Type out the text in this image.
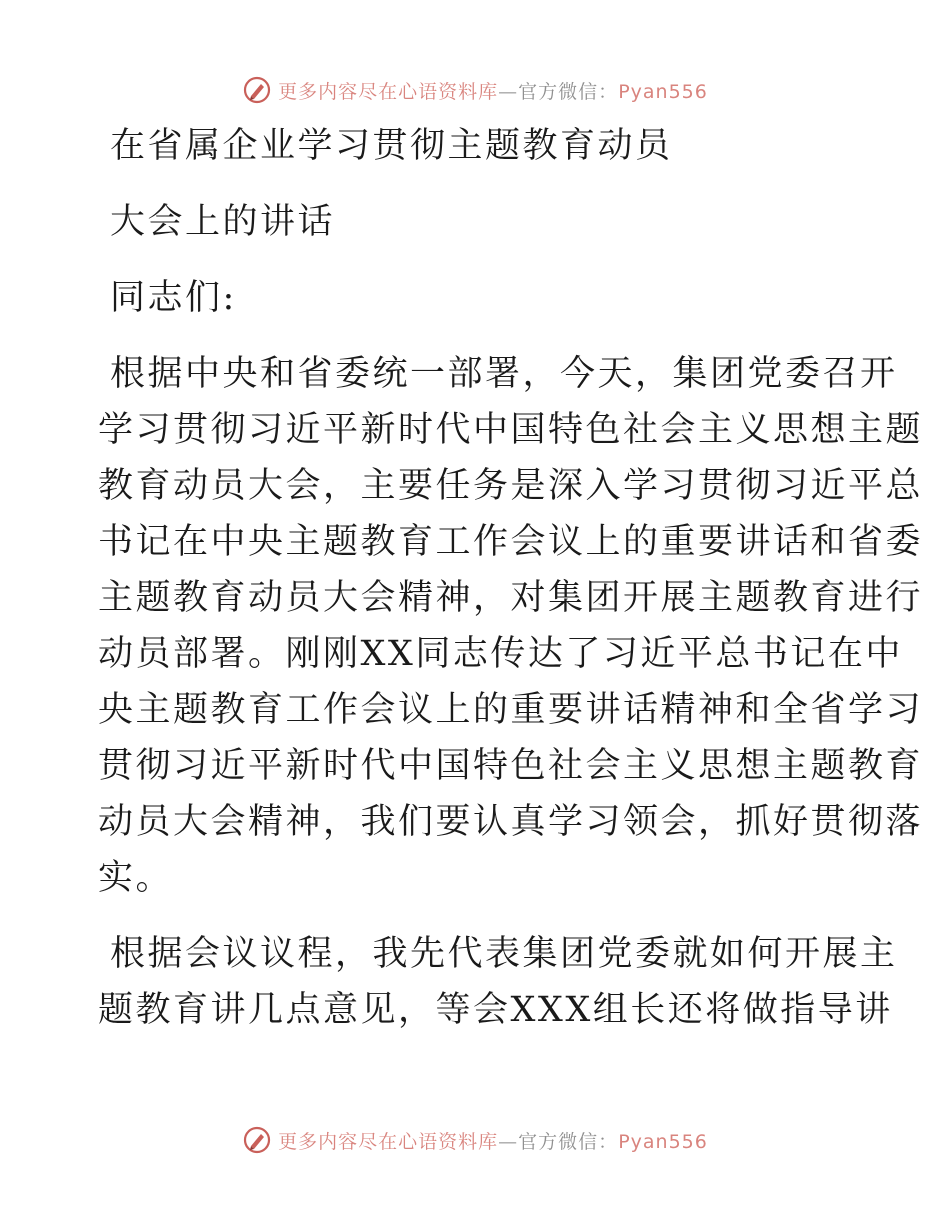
更多内容尽在心语资料库—官方微信：Pyan556
在省属企业学习贯彻主题教育动员
大会上的讲话
同志们:
根据中央和省委统一部署，今天，集团党委召开
学习贯彻习近平新时代中国特色社会主义思想主题
教育动员大会，主要任务是深入学习贯彻习近平总
书记在中央主题教育工作会议上的重要讲话和省委
主题教育动员大会精神，对集团开展主题教育进行
动员部署。刚刚XX同志传达了习近平总书记在中
央主题教育工作会议上的重要讲话精神和全省学习
贯彻习近平新时代中国特色社会主义思想主题教育
动员大会精神，我们要认真学习领会，抓好贯彻落
实。
根据会议议程，我先代表集团党委就如何开展主
题教育讲几点意见，等会XXX组长还将做指导讲
更多内容尽在心语资料库—官方微信：Pyan556
